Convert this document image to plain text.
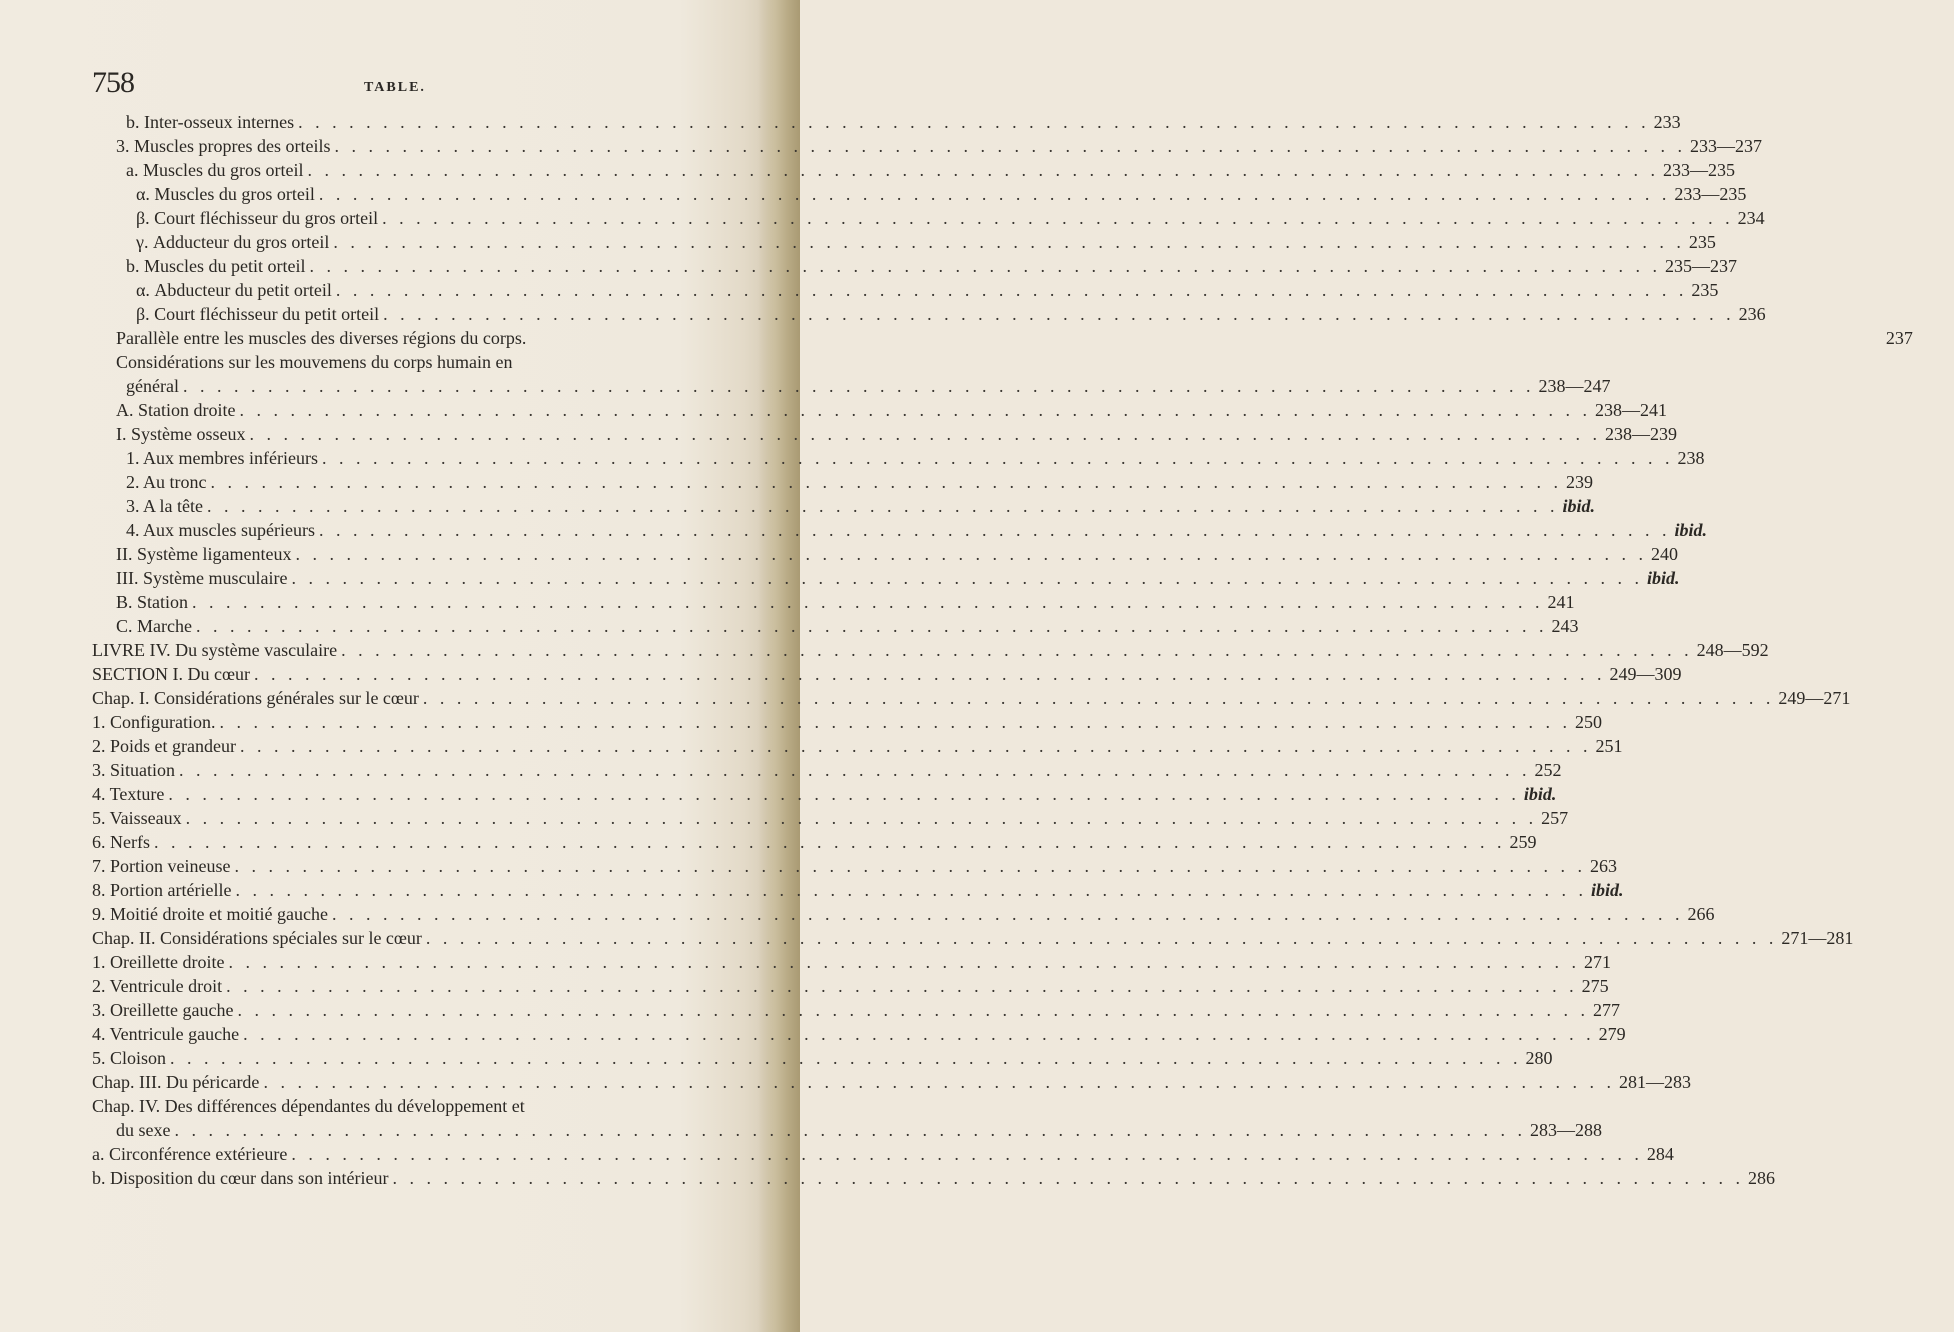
758	TABLE.
b. Inter-osseux internes . . .	233
3. Muscles propres des orteils . . .	233—237
a. Muscles du gros orteil . . .	233—235
α. Muscles du gros orteil . . .	233—235
β. Court fléchisseur du gros orteil . . .	234
γ. Adducteur du gros orteil . . .	235
b. Muscles du petit orteil . . .	235—237
α. Abducteur du petit orteil . . .	235
β. Court fléchisseur du petit orteil . . .	236
Parallèle entre les muscles des diverses régions du corps.	237
Considérations sur les mouvemens du corps humain en
général . . .	238—247
A. Station droite . . .	238—241
I. Système osseux . . .	238—239
1. Aux membres inférieurs . . .	238
2. Au tronc . . .	239
3. A la tête . . .	ibid.
4. Aux muscles supérieurs . . .	ibid.
II. Système ligamenteux . . .	240
III. Système musculaire . . .	ibid.
B. Station . . .	241
C. Marche . . .	243
LIVRE IV. Du système vasculaire . . .	248—592
SECTION I. Du cœur . . .	249—309
Chap. I. Considérations générales sur le cœur . . .	249—271
1. Configuration. . . .	250
2. Poids et grandeur . . .	251
3. Situation . . .	252
4. Texture . . .	ibid.
5. Vaisseaux . . .	257
6. Nerfs . . .	259
7. Portion veineuse . . .	263
8. Portion artérielle . . .	ibid.
9. Moitié droite et moitié gauche . . .	266
Chap. II. Considérations spéciales sur le cœur . . .	271—281
1. Oreillette droite . . .	271
2. Ventricule droit . . .	275
3. Oreillette gauche . . .	277
4. Ventricule gauche . . .	279
5. Cloison . . .	280
Chap. III. Du péricarde . . .	281—283
Chap. IV. Des différences dépendantes du développement et
du sexe . . .	283—288
a. Circonférence extérieure . . .	284
b. Disposition du cœur dans son intérieur . . .	286
